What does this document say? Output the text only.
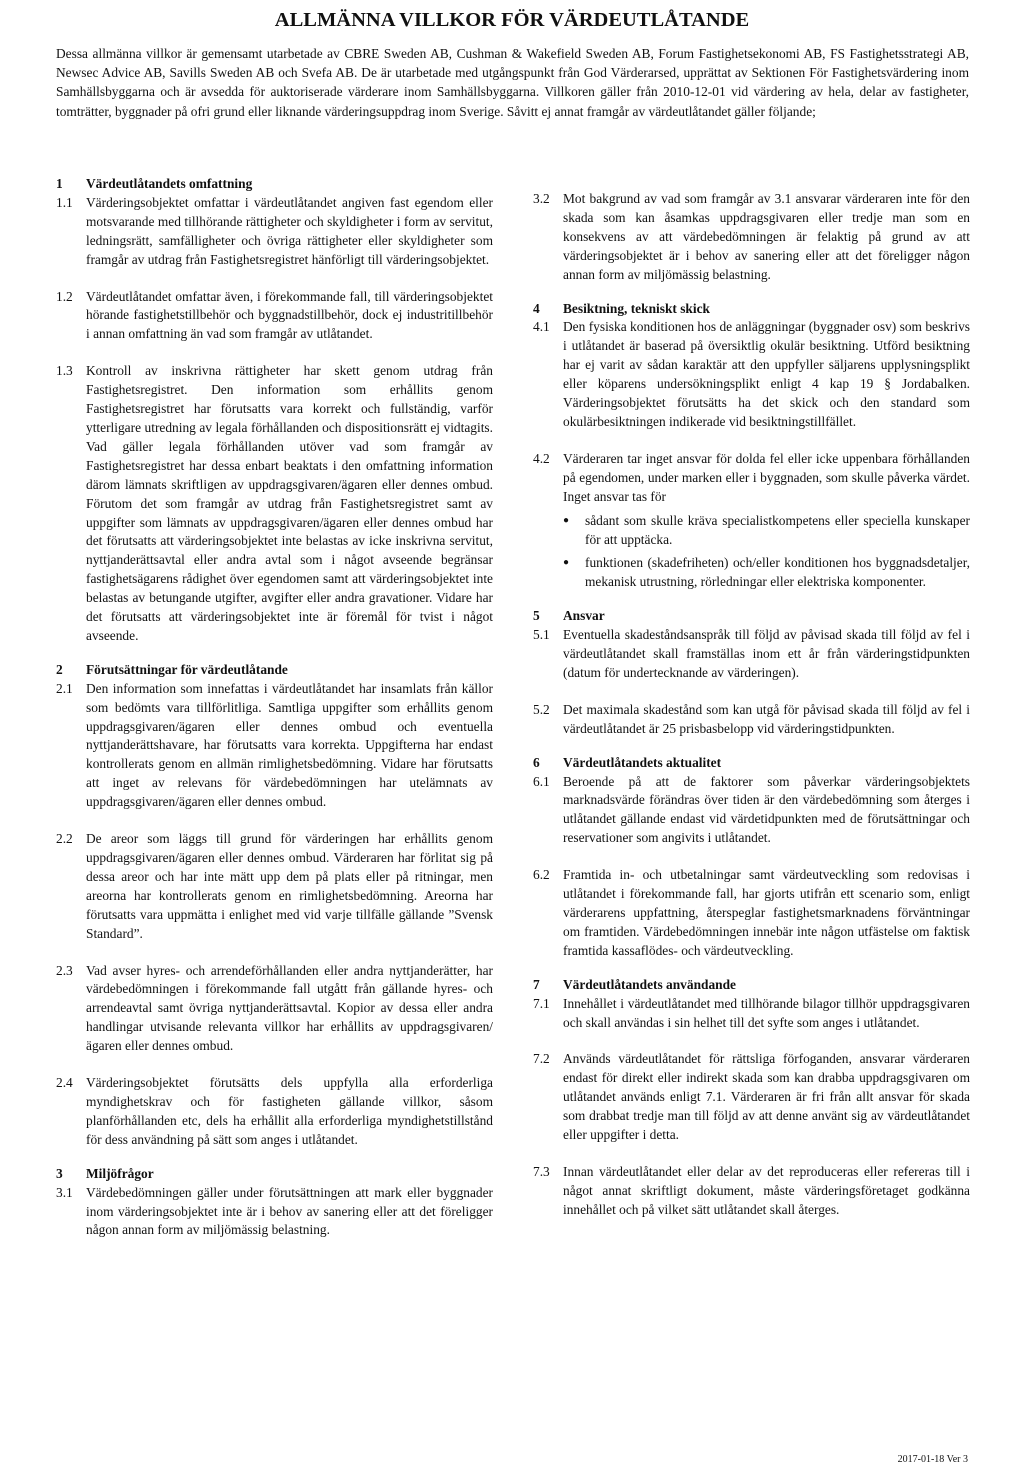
ALLMÄNNA VILLKOR FÖR VÄRDEUTLÅTANDE

Dessa allmänna villkor är gemensamt utarbetade av CBRE Sweden AB, Cushman & Wakefield Sweden AB, Forum Fastighetsekonomi AB, FS Fastighetsstrategi AB, Newsec Advice AB, Savills Sweden AB och Svefa AB. De är utarbetade med utgångspunkt från God Värderarsed, upprättat av Sektionen För Fastighetsvärdering inom Samhällsbyggarna och är avsedda för auktoriserade värderare inom Samhällsbyggarna. Villkoren gäller från 2010-12-01 vid värdering av hela, delar av fastigheter, tomträtter, byggnader på ofri grund eller liknande värderingsuppdrag inom Sverige. Såvitt ej annat framgår av värdeutlåtandet gäller följande;

1	Värdeutlåtandets omfattning
1.1 Värderingsobjektet omfattar i värdeutlåtandet angiven fast egendom eller motsvarande med tillhörande rättigheter och skyldigheter i form av servitut, ledningsrätt, samfälligheter och övriga rättigheter eller skyldigheter som framgår av utdrag från Fastighetsregistret hänförligt till värderingsobjektet.
1.2 Värdeutlåtandet omfattar även, i förekommande fall, till värderingsobjektet hörande fastighetstillbehör och byggnadstillbehör, dock ej industritillbehör i annan omfattning än vad som framgår av utlåtandet.
1.3 Kontroll av inskrivna rättigheter har skett genom utdrag från Fastighetsregistret. Den information som erhållits genom Fastighetsregistret har förutsatts vara korrekt och fullständig, varför ytterligare utredning av legala förhållanden och dispositionsrätt ej vidtagits. Vad gäller legala förhållanden utöver vad som framgår av Fastighetsregistret har dessa enbart beaktats i den omfattning information därom lämnats skriftligen av uppdragsgivaren/ägaren eller dennes ombud. Förutom det som framgår av utdrag från Fastighetsregistret samt av uppgifter som lämnats av uppdragsgivaren/ägaren eller dennes ombud har det förutsatts att värderingsobjektet inte belastas av icke inskrivna servitut, nyttjanderättsavtal eller andra avtal som i något avseende begränsar fastighetsägarens rådighet över egendomen samt att värderingsobjektet inte belastas av betungande utgifter, avgifter eller andra gravationer. Vidare har det förutsatts att värderingsobjektet inte är föremål för tvist i något avseende.
2	Förutsättningar för värdeutlåtande
2.1 Den information som innefattas i värdeutlåtandet har insamlats från källor som bedömts vara tillförlitliga. Samtliga uppgifter som erhållits genom uppdragsgivaren/ägaren eller dennes ombud och eventuella nyttjanderättshavare, har förutsatts vara korrekta. Uppgifterna har endast kontrollerats genom en allmän rimlighetsbedömning. Vidare har förutsatts att inget av relevans för värdebedömningen har utelämnats av uppdragsgivaren/ägaren eller dennes ombud.
2.2 De areor som läggs till grund för värderingen har erhållits genom uppdragsgivaren/ägaren eller dennes ombud. Värderaren har förlitat sig på dessa areor och har inte mätt upp dem på plats eller på ritningar, men areorna har kontrollerats genom en rimlighetsbedömning. Areorna har förutsatts vara uppmätta i enlighet med vid varje tillfälle gällande ”Svensk Standard”.
2.3 Vad avser hyres- och arrendeförhållanden eller andra nyttjanderätter, har värdebedömningen i förekommande fall utgått från gällande hyres- och arrendeavtal samt övriga nyttjanderättsavtal. Kopior av dessa eller andra handlingar utvisande relevanta villkor har erhållits av uppdragsgivaren/ägaren eller dennes ombud.
2.4 Värderingsobjektet förutsätts dels uppfylla alla erforderliga myndighetskrav och för fastigheten gällande villkor, såsom planförhållanden etc, dels ha erhållit alla erforderliga myndighetstillstånd för dess användning på sätt som anges i utlåtandet.
3	Miljöfrågor
3.1 Värdebedömningen gäller under förutsättningen att mark eller byggnader inom värderingsobjektet inte är i behov av sanering eller att det föreligger någon annan form av miljömässig belastning.
3.2 Mot bakgrund av vad som framgår av 3.1 ansvarar värderaren inte för den skada som kan åsamkas uppdragsgivaren eller tredje man som en konsekvens av att värdebedömningen är felaktig på grund av att värderingsobjektet är i behov av sanering eller att det föreligger någon annan form av miljömässig belastning.
4	Besiktning, tekniskt skick
4.1 Den fysiska konditionen hos de anläggningar (byggnader osv) som beskrivs i utlåtandet är baserad på översiktlig okulär besiktning. Utförd besiktning har ej varit av sådan karaktär att den uppfyller säljarens upplysningsplikt eller köparens undersökningsplikt enligt 4 kap 19 § Jordabalken. Värderingsobjektet förutsätts ha det skick och den standard som okulärbesiktningen indikerade vid besiktningstillfället.
4.2 Värderaren tar inget ansvar för dolda fel eller icke uppenbara förhållanden på egendomen, under marken eller i byggnaden, som skulle påverka värdet. Inget ansvar tas för
●	sådant som skulle kräva specialistkompetens eller speciella kunskaper för att upptäcka.
●	funktionen (skadefriheten) och/eller konditionen hos byggnadsdetaljer, mekanisk utrustning, rörledningar eller elektriska komponenter.
5	Ansvar
5.1 Eventuella skadeståndsanspråk till följd av påvisad skada till följd av fel i värdeutlåtandet skall framställas inom ett år från värderingstidpunkten (datum för undertecknande av värderingen).
5.2 Det maximala skadestånd som kan utgå för påvisad skada till följd av fel i värdeutlåtandet är 25 prisbasbelopp vid värderingstidpunkten.
6	Värdeutlåtandets aktualitet
6.1 Beroende på att de faktorer som påverkar värderingsobjektets marknadsvärde förändras över tiden är den värdebedömning som återges i utlåtandet gällande endast vid värdetidpunkten med de förutsättningar och reservationer som angivits i utlåtandet.
6.2 Framtida in- och utbetalningar samt värdeutveckling som redovisas i utlåtandet i förekommande fall, har gjorts utifrån ett scenario som, enligt värderarens uppfattning, återspeglar fastighetsmarknadens förväntningar om framtiden. Värdebedömningen innebär inte någon utfästelse om faktisk framtida kassaflödes- och värdeutveckling.
7	Värdeutlåtandets användande
7.1 Innehållet i värdeutlåtandet med tillhörande bilagor tillhör uppdragsgivaren och skall användas i sin helhet till det syfte som anges i utlåtandet.
7.2 Används värdeutlåtandet för rättsliga förfoganden, ansvarar värderaren endast för direkt eller indirekt skada som kan drabba uppdragsgivaren om utlåtandet används enligt 7.1. Värderaren är fri från allt ansvar för skada som drabbat tredje man till följd av att denne använt sig av värdeutlåtandet eller uppgifter i detta.
7.3 Innan värdeutlåtandet eller delar av det reproduceras eller refereras till i något annat skriftligt dokument, måste värderingsföretaget godkänna innehållet och på vilket sätt utlåtandet skall återges.
2017-01-18 Ver 3
